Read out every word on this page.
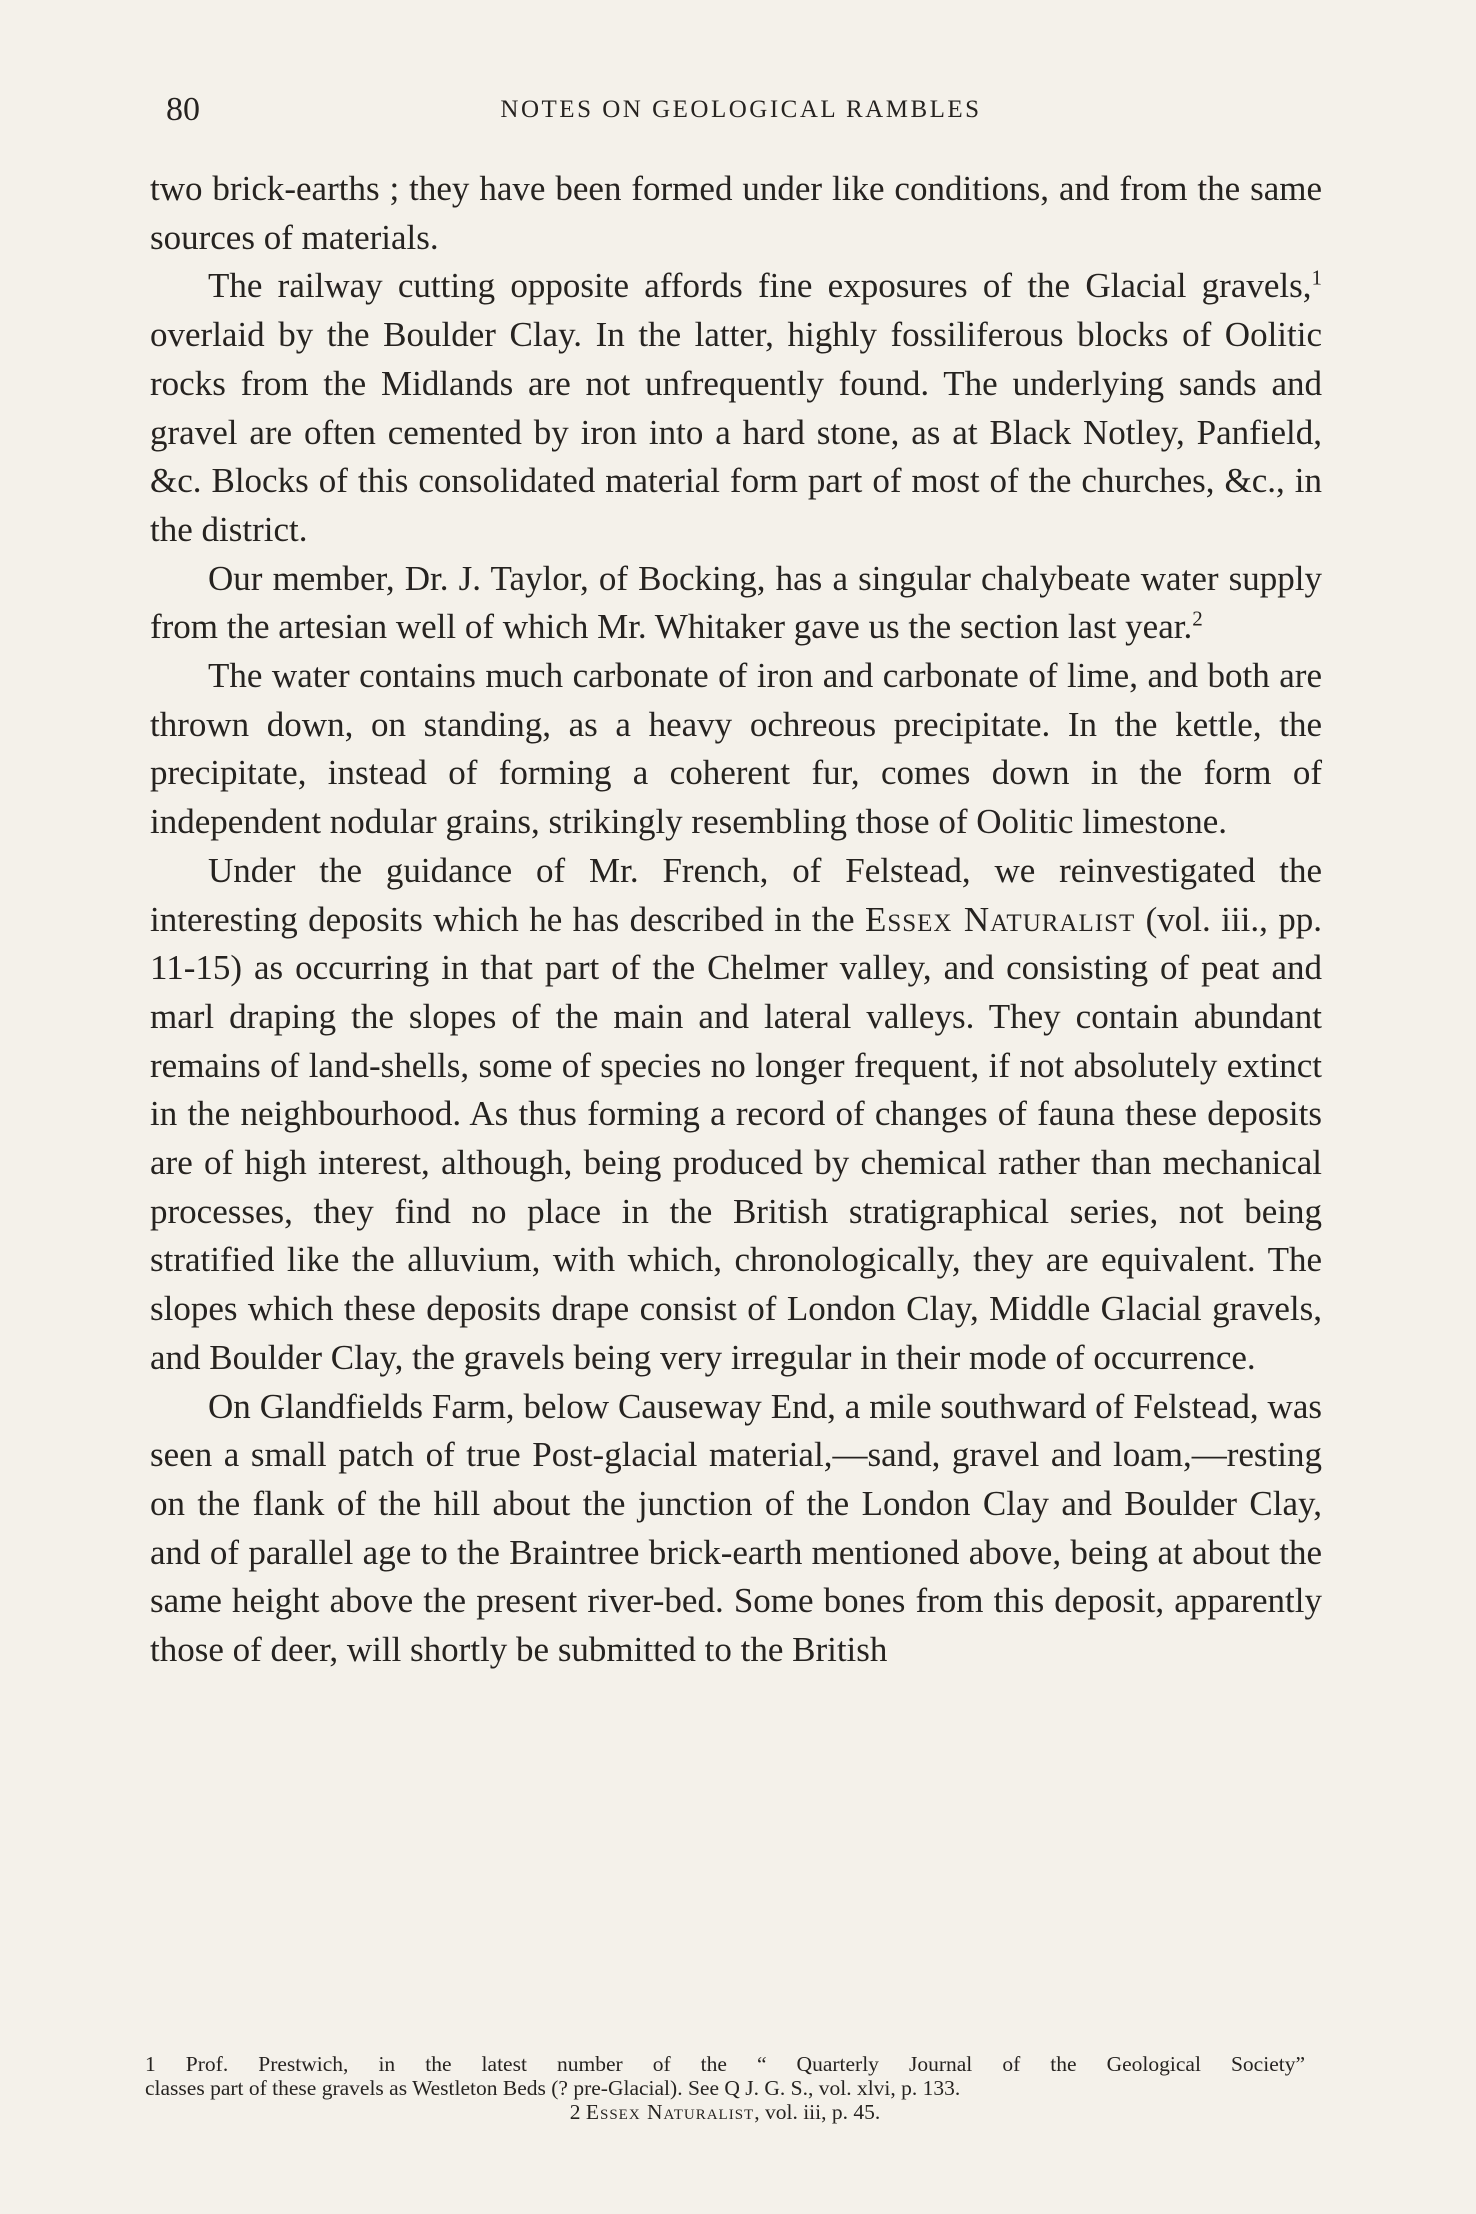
80	NOTES ON GEOLOGICAL RAMBLES

two brick-earths ; they have been formed under like conditions, and from the same sources of materials.

The railway cutting opposite affords fine exposures of the Glacial gravels,$^1$ overlaid by the Boulder Clay. In the latter, highly fossiliferous blocks of Oolitic rocks from the Midlands are not unfrequently found. The underlying sands and gravel are often cemented by iron into a hard stone, as at Black Notley, Panfield, &c. Blocks of this consolidated material form part of most of the churches, &c., in the district.

Our member, Dr. J. Taylor, of Bocking, has a singular chalybeate water supply from the artesian well of which Mr. Whitaker gave us the section last year.$^2$

The water contains much carbonate of iron and carbonate of lime, and both are thrown down, on standing, as a heavy ochreous precipitate. In the kettle, the precipitate, instead of forming a coherent fur, comes down in the form of independent nodular grains, strikingly resembling those of Oolitic limestone.

Under the guidance of Mr. French, of Felstead, we reinvestigated the interesting deposits which he has described in the Essex Naturalist (vol. iii., pp. 11-15) as occurring in that part of the Chelmer valley, and consisting of peat and marl draping the slopes of the main and lateral valleys. They contain abundant remains of land-shells, some of species no longer frequent, if not absolutely extinct in the neighbourhood. As thus forming a record of changes of fauna these deposits are of high interest, although, being produced by chemical rather than mechanical processes, they find no place in the British stratigraphical series, not being stratified like the alluvium, with which, chronologically, they are equivalent. The slopes which these deposits drape consist of London Clay, Middle Glacial gravels, and Boulder Clay, the gravels being very irregular in their mode of occurrence.

On Glandfields Farm, below Causeway End, a mile southward of Felstead, was seen a small patch of true Post-glacial material,—sand, gravel and loam,—resting on the flank of the hill about the junction of the London Clay and Boulder Clay, and of parallel age to the Braintree brick-earth mentioned above, being at about the same height above the present river-bed. Some bones from this deposit, apparently those of deer, will shortly be submitted to the British

1 Prof. Prestwich, in the latest number of the “ Quarterly Journal of the Geological Society”

classes part of these gravels as Westleton Beds (? pre-Glacial). See Q J. G. S., vol. xlvi, p. 133.

2 Essex Naturalist, vol. iii, p. 45.
